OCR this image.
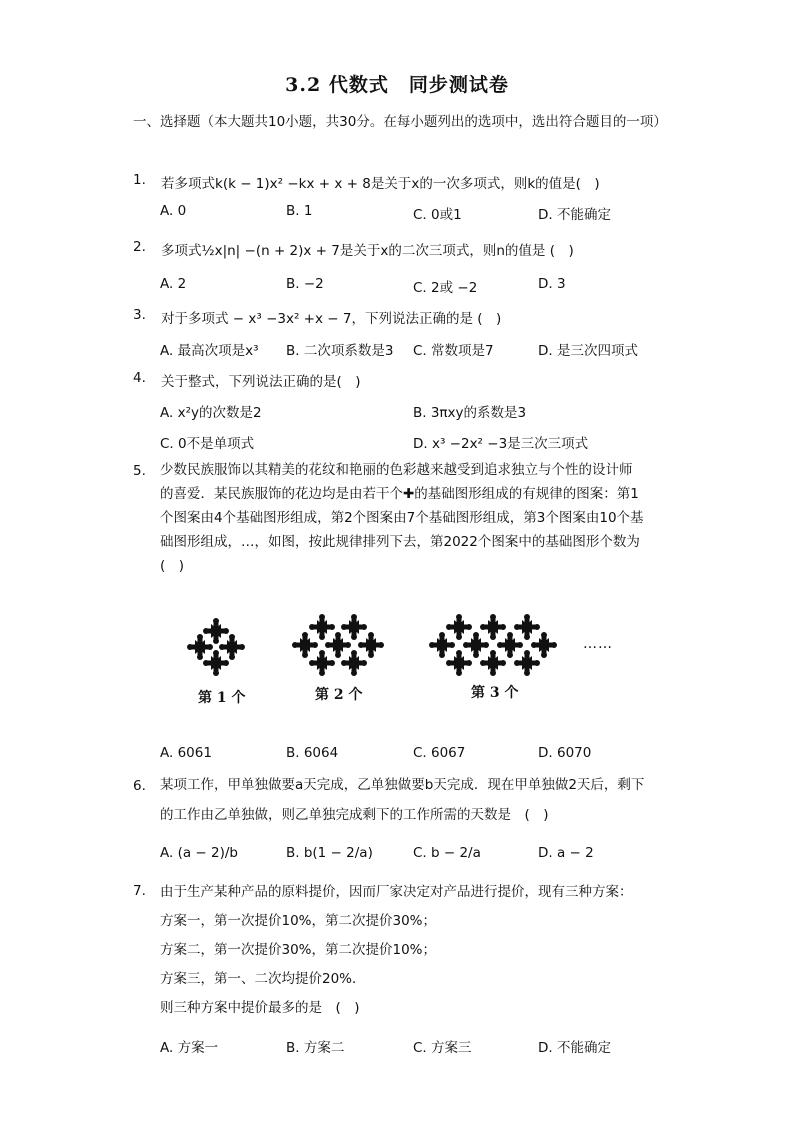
3.2 代数式　同步测试卷
一、选择题（本大题共10小题，共30分。在每小题列出的选项中，选出符合题目的一项）
1.	若多项式k(k − 1)x² −kx + x + 8是关于x的一次多项式，则k的值是(　)
A. 0	B. 1	C. 0或1	D. 不能确定
2.	多项式½x|n| −(n + 2)x + 7是关于x的二次三项式，则n的值是 (　)
A. 2	B. −2	C. 2或 −2	D. 3
3.	对于多项式 − x³ −3x² +x − 7，下列说法正确的是 (　)
A. 最高次项是x³ B. 二次项系数是3 C. 常数项是7	D. 是三次四项式
4.	关于整式，下列说法正确的是(　)
A. x²y的次数是2	B. 3πxy的系数是3
C. 0不是单项式	D. x³ −2x² −3是三次三项式
5.	少数民族服饰以其精美的花纹和艳丽的色彩越来越受到追求独立与个性的设计师
的喜爱．某民族服饰的花边均是由若干个✚的基础图形组成的有规律的图案：第1
个图案由4个基础图形组成，第2个图案由7个基础图形组成，第3个图案由10个基
础图形组成，…，如图，按此规律排列下去，第2022个图案中的基础图形个数为
(　)
第 1 个	第 2 个	第 3 个
……
A. 6061	B. 6064	C. 6067	D. 6070
6.	某项工作，甲单独做要a天完成，乙单独做要b天完成．现在甲单独做2天后，剩下
的工作由乙单独做，则乙单独完成剩下的工作所需的天数是　(　)
A. (a − 2)/b	B. b(1 − 2/a)	C. b − 2/a	D. a − 2
7.	由于生产某种产品的原料提价，因而厂家决定对产品进行提价，现有三种方案：
方案一，第一次提价10%，第二次提价30%；
方案二，第一次提价30%，第二次提价10%；
方案三，第一、二次均提价20%．
则三种方案中提价最多的是　(　)
A. 方案一	B. 方案二	C. 方案三	D. 不能确定
